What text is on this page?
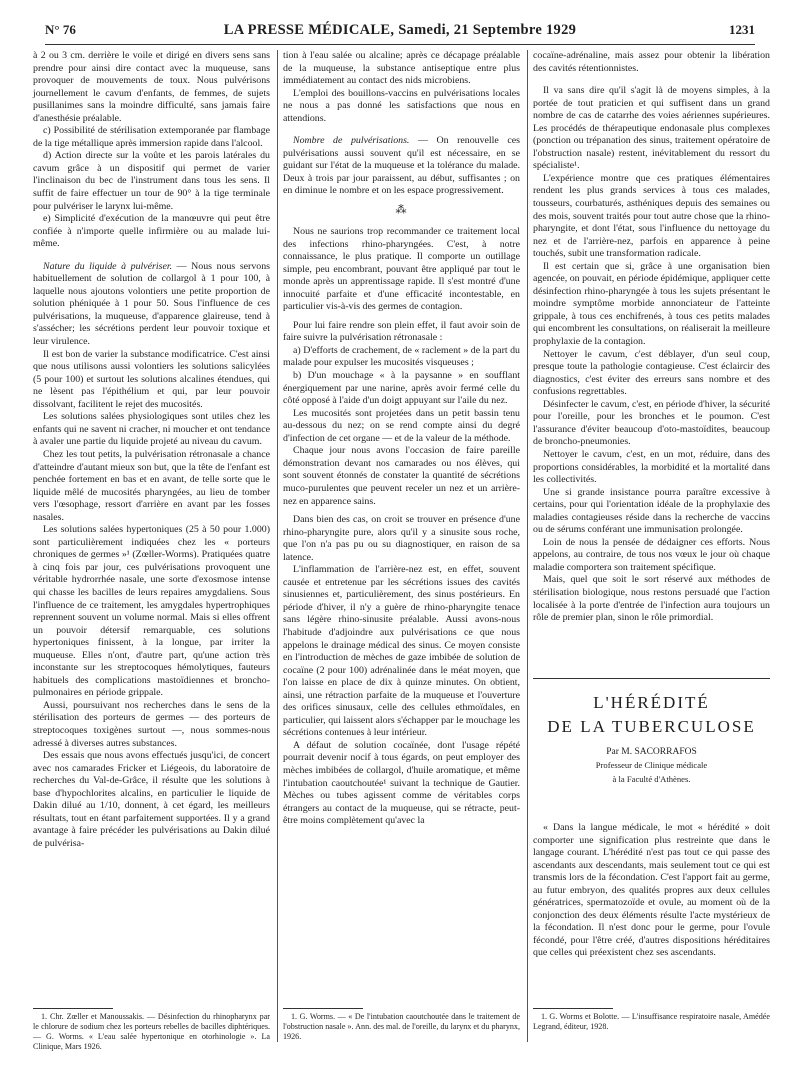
N° 76	LA PRESSE MÉDICALE, Samedi, 21 Septembre 1929	1231

à 2 ou 3 cm. derrière le voile et dirigé en divers sens sans prendre pour ainsi dire contact avec la muqueuse, sans provoquer de mouvements de toux. Nous pulvérisons journellement le cavum d'enfants, de femmes, de sujets pusillanimes sans la moindre difficulté, sans jamais faire d'anesthésie préalable.

c) Possibilité de stérilisation extemporanée par flambage de la tige métallique après immersion rapide dans l'alcool.

d) Action directe sur la voûte et les parois latérales du cavum grâce à un dispositif qui permet de varier l'inclinaison du bec de l'instrument dans tous les sens. Il suffit de faire effectuer un tour de 90° à la tige terminale pour pulvériser le larynx lui-même.

e) Simplicité d'exécution de la manœuvre qui peut être confiée à n'importe quelle infirmière ou au malade lui-même.

Nature du liquide à pulvériser. — Nous nous servons habituellement de solution de collargol à 1 pour 100, à laquelle nous ajoutons volontiers une petite proportion de solution phéniquée à 1 pour 50. Sous l'influence de ces pulvérisations, la muqueuse, d'apparence glaireuse, tend à s'assécher; les sécrétions perdent leur pouvoir toxique et leur virulence.

Il est bon de varier la substance modificatrice. C'est ainsi que nous utilisons aussi volontiers les solutions salicylées (5 pour 100) et surtout les solutions alcalines étendues, qui ne lèsent pas l'épithélium et qui, par leur pouvoir dissolvant, facilitent le rejet des mucosités.

Les solutions salées physiologiques sont utiles chez les enfants qui ne savent ni cracher, ni moucher et ont tendance à avaler une partie du liquide projeté au niveau du cavum.

Chez les tout petits, la pulvérisation rétronasale a chance d'atteindre d'autant mieux son but, que la tête de l'enfant est penchée fortement en bas et en avant, de telle sorte que le liquide mêlé de mucosités pharyngées, au lieu de tomber vers l'œsophage, ressort d'arrière en avant par les fosses nasales.

Les solutions salées hypertoniques (25 à 50 pour 1.000) sont particulièrement indiquées chez les « porteurs chroniques de germes »¹ (Zœller-Worms). Pratiquées quatre à cinq fois par jour, ces pulvérisations provoquent une véritable hydrorrhée nasale, une sorte d'exosmose intense qui chasse les bacilles de leurs repaires amygdaliens. Sous l'influence de ce traitement, les amygdales hypertrophiques reprennent souvent un volume normal. Mais si elles offrent un pouvoir détersif remarquable, ces solutions hypertoniques finissent, à la longue, par irriter la muqueuse. Elles n'ont, d'autre part, qu'une action très inconstante sur les streptocoques hémolytiques, fauteurs habituels des complications mastoïdiennes et broncho-pulmonaires en période grippale.

Aussi, poursuivant nos recherches dans le sens de la stérilisation des porteurs de germes — des porteurs de streptocoques toxigènes surtout —, nous sommes-nous adressé à diverses autres substances.

Des essais que nous avons effectués jusqu'ici, de concert avec nos camarades Fricker et Liégeois, du laboratoire de recherches du Val-de-Grâce, il résulte que les solutions à base d'hypochlorites alcalins, en particulier le liquide de Dakin dilué au 1/10, donnent, à cet égard, les meilleurs résultats, tout en étant parfaitement supportées. Il y a grand avantage à faire précéder les pulvérisations au Dakin dilué de pulvérisa-

1. Chr. Zœller et Manoussakis. — Désinfection du rhinopharynx par le chlorure de sodium chez les porteurs rebelles de bacilles diphtériques. — G. Worms. « L'eau salée hypertonique en otorhinologie ». La Clinique, Mars 1926.

tion à l'eau salée ou alcaline; après ce décapage préalable de la muqueuse, la substance antiseptique entre plus immédiatement au contact des nids microbiens.

L'emploi des bouillons-vaccins en pulvérisations locales ne nous a pas donné les satisfactions que nous en attendions.

Nombre de pulvérisations. — On renouvelle ces pulvérisations aussi souvent qu'il est nécessaire, en se guidant sur l'état de la muqueuse et la tolérance du malade. Deux à trois par jour paraissent, au début, suffisantes ; on en diminue le nombre et on les espace progressivement.

⁂

Nous ne saurions trop recommander ce traitement local des infections rhino-pharyngées. C'est, à notre connaissance, le plus pratique. Il comporte un outillage simple, peu encombrant, pouvant être appliqué par tout le monde après un apprentissage rapide. Il s'est montré d'une innocuité parfaite et d'une efficacité incontestable, en particulier vis-à-vis des germes de contagion.

Pour lui faire rendre son plein effet, il faut avoir soin de faire suivre la pulvérisation rétronasale :

a) D'efforts de crachement, de « raclement » de la part du malade pour expulser les mucosités visqueuses ;

b) D'un mouchage « à la paysanne » en soufflant énergiquement par une narine, après avoir fermé celle du côté opposé à l'aide d'un doigt appuyant sur l'aile du nez.

Les mucosités sont projetées dans un petit bassin tenu au-dessous du nez; on se rend compte ainsi du degré d'infection de cet organe — et de la valeur de la méthode.

Chaque jour nous avons l'occasion de faire pareille démonstration devant nos camarades ou nos élèves, qui sont souvent étonnés de constater la quantité de sécrétions muco-purulentes que peuvent receler un nez et un arrière-nez en apparence sains.

Dans bien des cas, on croit se trouver en présence d'une rhino-pharyngite pure, alors qu'il y a sinusite sous roche, que l'on n'a pas pu ou su diagnostiquer, en raison de sa latence.

L'inflammation de l'arrière-nez est, en effet, souvent causée et entretenue par les sécrétions issues des cavités sinusiennes et, particulièrement, des sinus postérieurs. En période d'hiver, il n'y a guère de rhino-pharyngite tenace sans légère rhino-sinusite préalable. Aussi avons-nous l'habitude d'adjoindre aux pulvérisations ce que nous appelons le drainage médical des sinus. Ce moyen consiste en l'introduction de mèches de gaze imbibée de solution de cocaïne (2 pour 100) adrénalinée dans le méat moyen, que l'on laisse en place de dix à quinze minutes. On obtient, ainsi, une rétraction parfaite de la muqueuse et l'ouverture des orifices sinusaux, celle des cellules ethmoïdales, en particulier, qui laissent alors s'échapper par le mouchage les sécrétions contenues à leur intérieur.

A défaut de solution cocaïnée, dont l'usage répété pourrait devenir nocif à tous égards, on peut employer des mèches imbibées de collargol, d'huile aromatique, et même l'intubation caoutchoutée¹ suivant la technique de Gautier. Mèches ou tubes agissent comme de véritables corps étrangers au contact de la muqueuse, qui se rétracte, peut-être moins complètement qu'avec la

1. G. Worms. — « De l'intubation caoutchoutée dans le traitement de l'obstruction nasale ». Ann. des mal. de l'oreille, du larynx et du pharynx, 1926.

cocaïne-adrénaline, mais assez pour obtenir la libération des cavités rétentionnistes.

Il va sans dire qu'il s'agit là de moyens simples, à la portée de tout praticien et qui suffisent dans un grand nombre de cas de catarrhe des voies aériennes supérieures. Les procédés de thérapeutique endonasale plus complexes (ponction ou trépanation des sinus, traitement opératoire de l'obstruction nasale) restent, inévitablement du ressort du spécialiste¹.

L'expérience montre que ces pratiques élémentaires rendent les plus grands services à tous ces malades, tousseurs, courbaturés, asthéniques depuis des semaines ou des mois, souvent traités pour tout autre chose que la rhino-pharyngite, et dont l'état, sous l'influence du nettoyage du nez et de l'arrière-nez, parfois en apparence à peine touchés, subit une transformation radicale.

Il est certain que si, grâce à une organisation bien agencée, on pouvait, en période épidémique, appliquer cette désinfection rhino-pharyngée à tous les sujets présentant le moindre symptôme morbide annonciateur de l'atteinte grippale, à tous ces enchifrenés, à tous ces petits malades qui encombrent les consultations, on réaliserait la meilleure prophylaxie de la contagion.

Nettoyer le cavum, c'est déblayer, d'un seul coup, presque toute la pathologie contagieuse. C'est éclaircir des diagnostics, c'est éviter des erreurs sans nombre et des confusions regrettables.

Désinfecter le cavum, c'est, en période d'hiver, la sécurité pour l'oreille, pour les bronches et le poumon. C'est l'assurance d'éviter beaucoup d'oto-mastoïdites, beaucoup de broncho-pneumonies.

Nettoyer le cavum, c'est, en un mot, réduire, dans des proportions considérables, la morbidité et la mortalité dans les collectivités.

Une si grande insistance pourra paraître excessive à certains, pour qui l'orientation idéale de la prophylaxie des maladies contagieuses réside dans la recherche de vaccins ou de sérums conférant une immunisation prolongée.

Loin de nous la pensée de dédaigner ces efforts. Nous appelons, au contraire, de tous nos vœux le jour où chaque maladie comportera son traitement spécifique.

Mais, quel que soit le sort réservé aux méthodes de stérilisation biologique, nous restons persuadé que l'action localisée à la porte d'entrée de l'infection aura toujours un rôle de premier plan, sinon le rôle primordial.

L'HÉRÉDITÉ
DE LA TUBERCULOSE
Par M. SACORRAFOS
Professeur de Clinique médicale
à la Faculté d'Athènes.

« Dans la langue médicale, le mot « hérédité » doit comporter une signification plus restreinte que dans le langage courant. L'hérédité n'est pas tout ce qui passe des ascendants aux descendants, mais seulement tout ce qui est transmis lors de la fécondation. C'est l'apport fait au germe, au futur embryon, des qualités propres aux deux cellules génératrices, spermatozoïde et ovule, au moment où de la conjonction des deux éléments résulte l'acte mystérieux de la fécondation. Il n'est donc pour le germe, pour l'ovule fécondé, pour l'être créé, d'autres dispositions héréditaires que celles qui préexistent chez ses ascendants.

1. G. Worms et Bolotte. — L'insuffisance respiratoire nasale, Amédée Legrand, éditeur, 1928.
